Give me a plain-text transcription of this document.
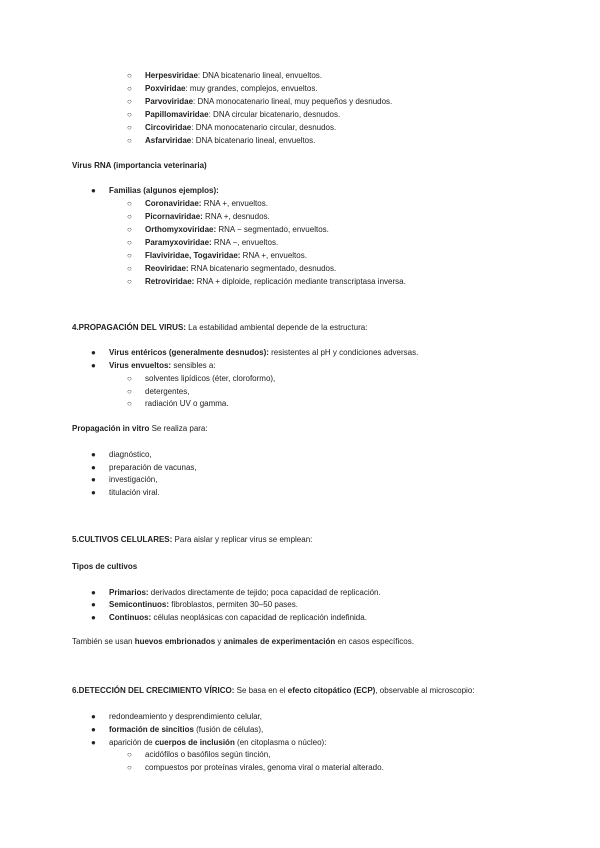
○ Herpesviridae: DNA bicatenario lineal, envueltos.
○ Poxviridae: muy grandes, complejos, envueltos.
○ Parvoviridae: DNA monocatenario lineal, muy pequeños y desnudos.
○ Papillomaviridae: DNA circular bicatenario, desnudos.
○ Circoviridae: DNA monocatenario circular, desnudos.
○ Asfarviridae: DNA bicatenario lineal, envueltos.
Virus RNA (importancia veterinaria)
● Familias (algunos ejemplos):
○ Coronaviridae: RNA +, envueltos.
○ Picornaviridae: RNA +, desnudos.
○ Orthomyxoviridae: RNA − segmentado, envueltos.
○ Paramyxoviridae: RNA −, envueltos.
○ Flaviviridae, Togaviridae: RNA +, envueltos.
○ Reoviridae: RNA bicatenario segmentado, desnudos.
○ Retroviridae: RNA + diploide, replicación mediante transcriptasa inversa.
4.PROPAGACIÓN DEL VIRUS: La estabilidad ambiental depende de la estructura:
● Virus entéricos (generalmente desnudos): resistentes al pH y condiciones adversas.
● Virus envueltos: sensibles a:
○ solventes lipídicos (éter, cloroformo),
○ detergentes,
○ radiación UV o gamma.
Propagación in vitro Se realiza para:
● diagnóstico,
● preparación de vacunas,
● investigación,
● titulación viral.
5.CULTIVOS CELULARES: Para aislar y replicar virus se emplean:
Tipos de cultivos
● Primarios: derivados directamente de tejido; poca capacidad de replicación.
● Semicontinuos: fibroblastos, permiten 30–50 pases.
● Continuos: células neoplásicas con capacidad de replicación indefinida.
También se usan huevos embrionados y animales de experimentación en casos específicos.
6.DETECCIÓN DEL CRECIMIENTO VÍRICO: Se basa en el efecto citopático (ECP), observable al microscopio:
● redondeamiento y desprendimiento celular,
● formación de sincitios (fusión de células),
● aparición de cuerpos de inclusión (en citoplasma o núcleo):
○ acidófilos o basófilos según tinción,
○ compuestos por proteínas virales, genoma viral o material alterado.
